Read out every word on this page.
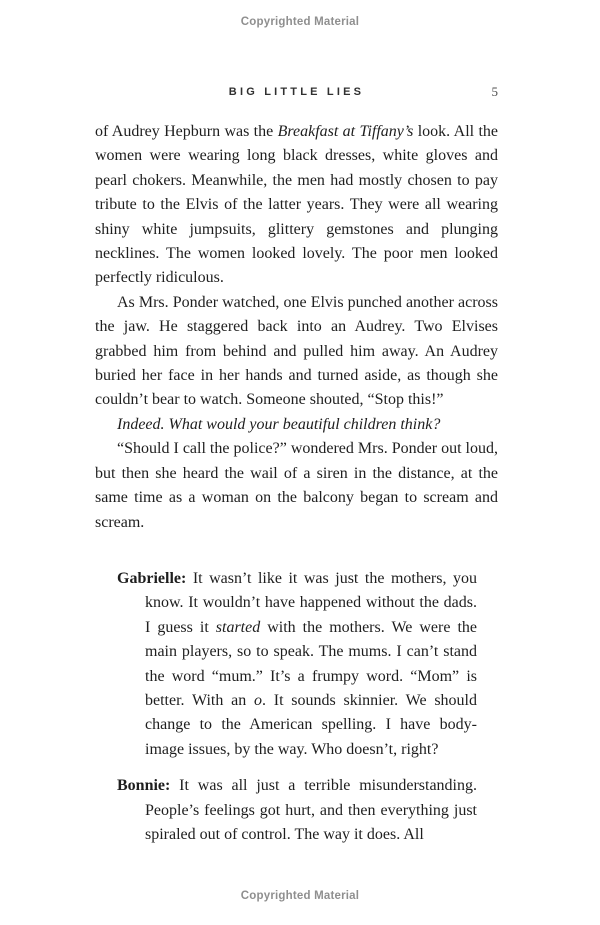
Copyrighted Material
BIG LITTLE LIES	5

of Audrey Hepburn was the Breakfast at Tiffany’s look. All the women were wearing long black dresses, white gloves and pearl chokers. Meanwhile, the men had mostly chosen to pay tribute to the Elvis of the latter years. They were all wearing shiny white jumpsuits, glittery gemstones and plunging necklines. The women looked lovely. The poor men looked perfectly ridiculous.

As Mrs. Ponder watched, one Elvis punched another across the jaw. He staggered back into an Audrey. Two Elvises grabbed him from behind and pulled him away. An Audrey buried her face in her hands and turned aside, as though she couldn’t bear to watch. Someone shouted, “Stop this!”

Indeed. What would your beautiful children think?

“Should I call the police?” wondered Mrs. Ponder out loud, but then she heard the wail of a siren in the distance, at the same time as a woman on the balcony began to scream and scream.

Gabrielle: It wasn’t like it was just the mothers, you know. It wouldn’t have happened without the dads. I guess it started with the mothers. We were the main players, so to speak. The mums. I can’t stand the word “mum.” It’s a frumpy word. “Mom” is better. With an o. It sounds skinnier. We should change to the American spelling. I have body-image issues, by the way. Who doesn’t, right?

Bonnie: It was all just a terrible misunderstanding. People’s feelings got hurt, and then everything just spiraled out of control. The way it does. All

Copyrighted Material
